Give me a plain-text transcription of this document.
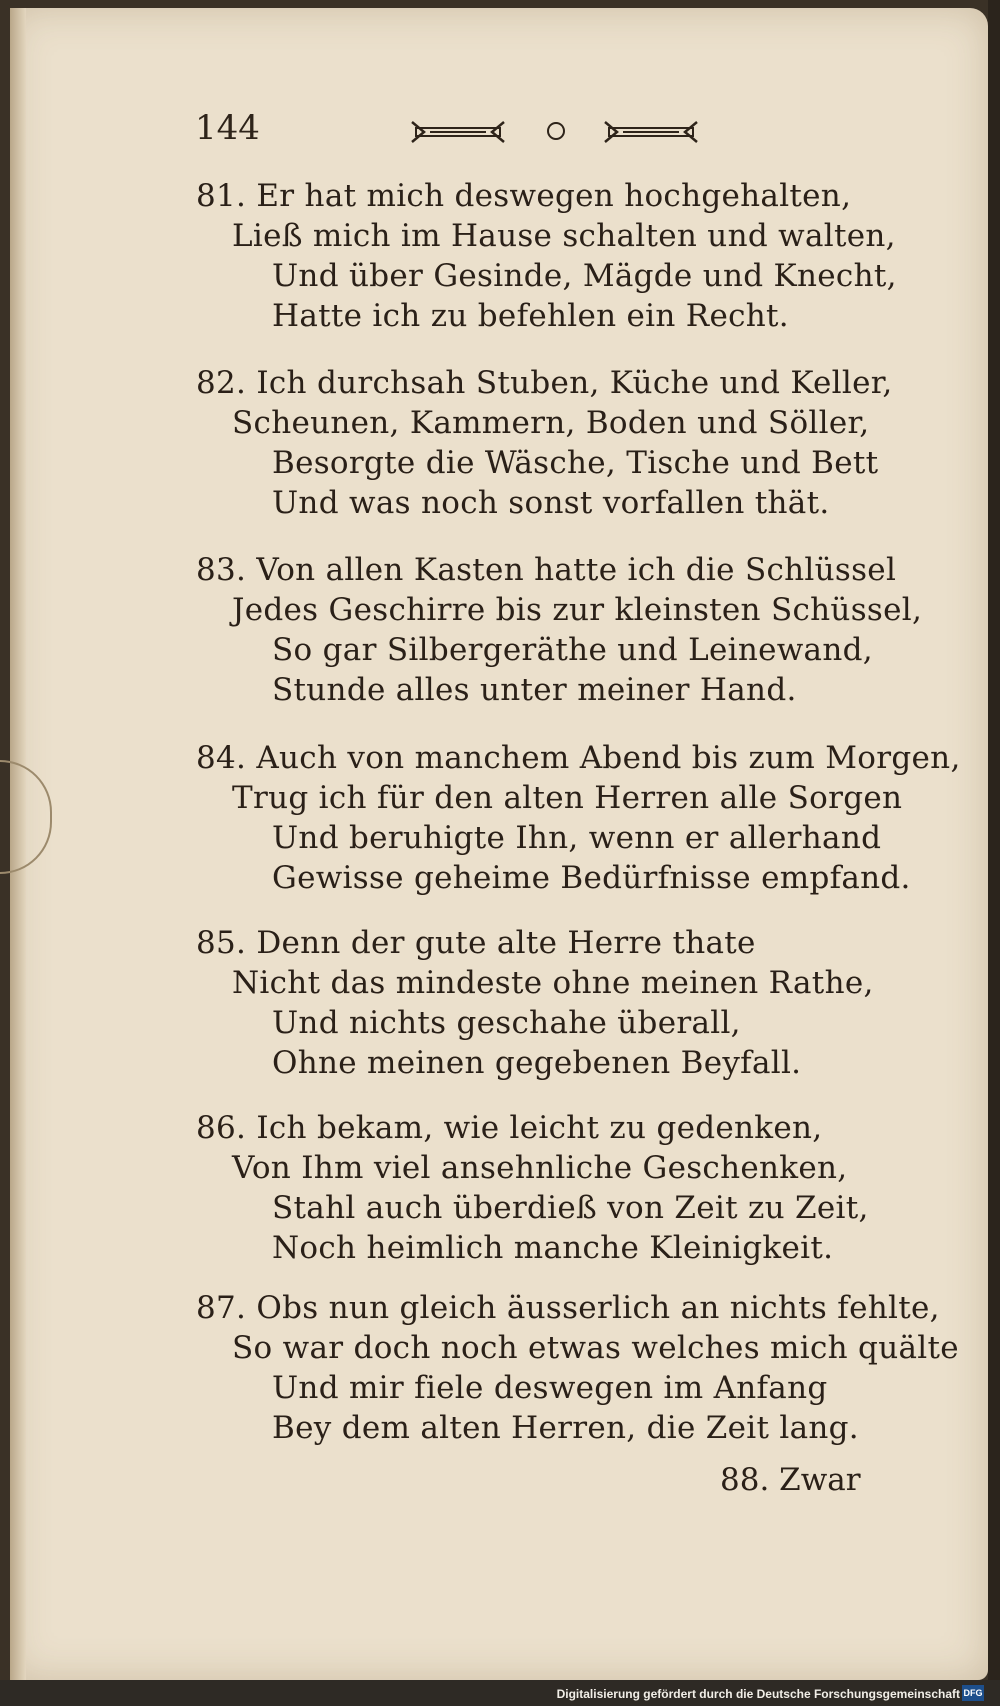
144
81. Er hat mich deswegen hochgehalten,
Ließ mich im Hause schalten und walten,
Und über Gesinde, Mägde und Knecht,
Hatte ich zu befehlen ein Recht.
82. Ich durchsah Stuben, Küche und Keller,
Scheunen, Kammern, Boden und Söller,
Besorgte die Wäsche, Tische und Bett
Und was noch sonst vorfallen thät.
83. Von allen Kasten hatte ich die Schlüssel
Jedes Geschirre bis zur kleinsten Schüssel,
So gar Silbergeräthe und Leinewand,
Stunde alles unter meiner Hand.
84. Auch von manchem Abend bis zum Morgen,
Trug ich für den alten Herren alle Sorgen
Und beruhigte Ihn, wenn er allerhand
Gewisse geheime Bedürfnisse empfand.
85. Denn der gute alte Herre thate
Nicht das mindeste ohne meinen Rathe,
Und nichts geschahe überall,
Ohne meinen gegebenen Beyfall.
86. Ich bekam, wie leicht zu gedenken,
Von Ihm viel ansehnliche Geschenken,
Stahl auch überdieß von Zeit zu Zeit,
Noch heimlich manche Kleinigkeit.
87. Obs nun gleich äusserlich an nichts fehlte,
So war doch noch etwas welches mich quälte
Und mir fiele deswegen im Anfang
Bey dem alten Herren, die Zeit lang.
88. Zwar
Digitalisierung gefördert durch die Deutsche Forschungsgemeinschaft DFG
